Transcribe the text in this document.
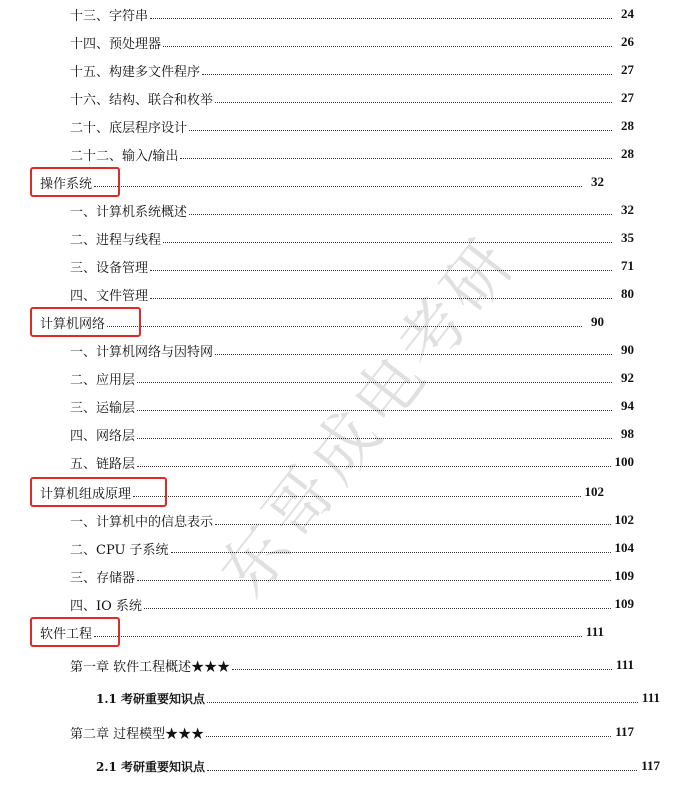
十三、字符串	24
十四、预处理器	26
十五、构建多文件程序	27
十六、结构、联合和枚举	27
二十、底层程序设计	28
二十二、输入/输出	28
操作系统	32
一、计算机系统概述	32
二、进程与线程	35
三、设备管理	71
四、文件管理	80
计算机网络	90
一、计算机网络与因特网	90
二、应用层	92
三、运输层	94
四、网络层	98
五、链路层	100
计算机组成原理	102
一、计算机中的信息表示	102
二、CPU 子系统	104
三、存储器	109
四、IO 系统	109
软件工程	111
第一章 软件工程概述★★★	111
1.1 考研重要知识点	111
第二章 过程模型★★★	117
2.1 考研重要知识点	117
东哥成电考研
